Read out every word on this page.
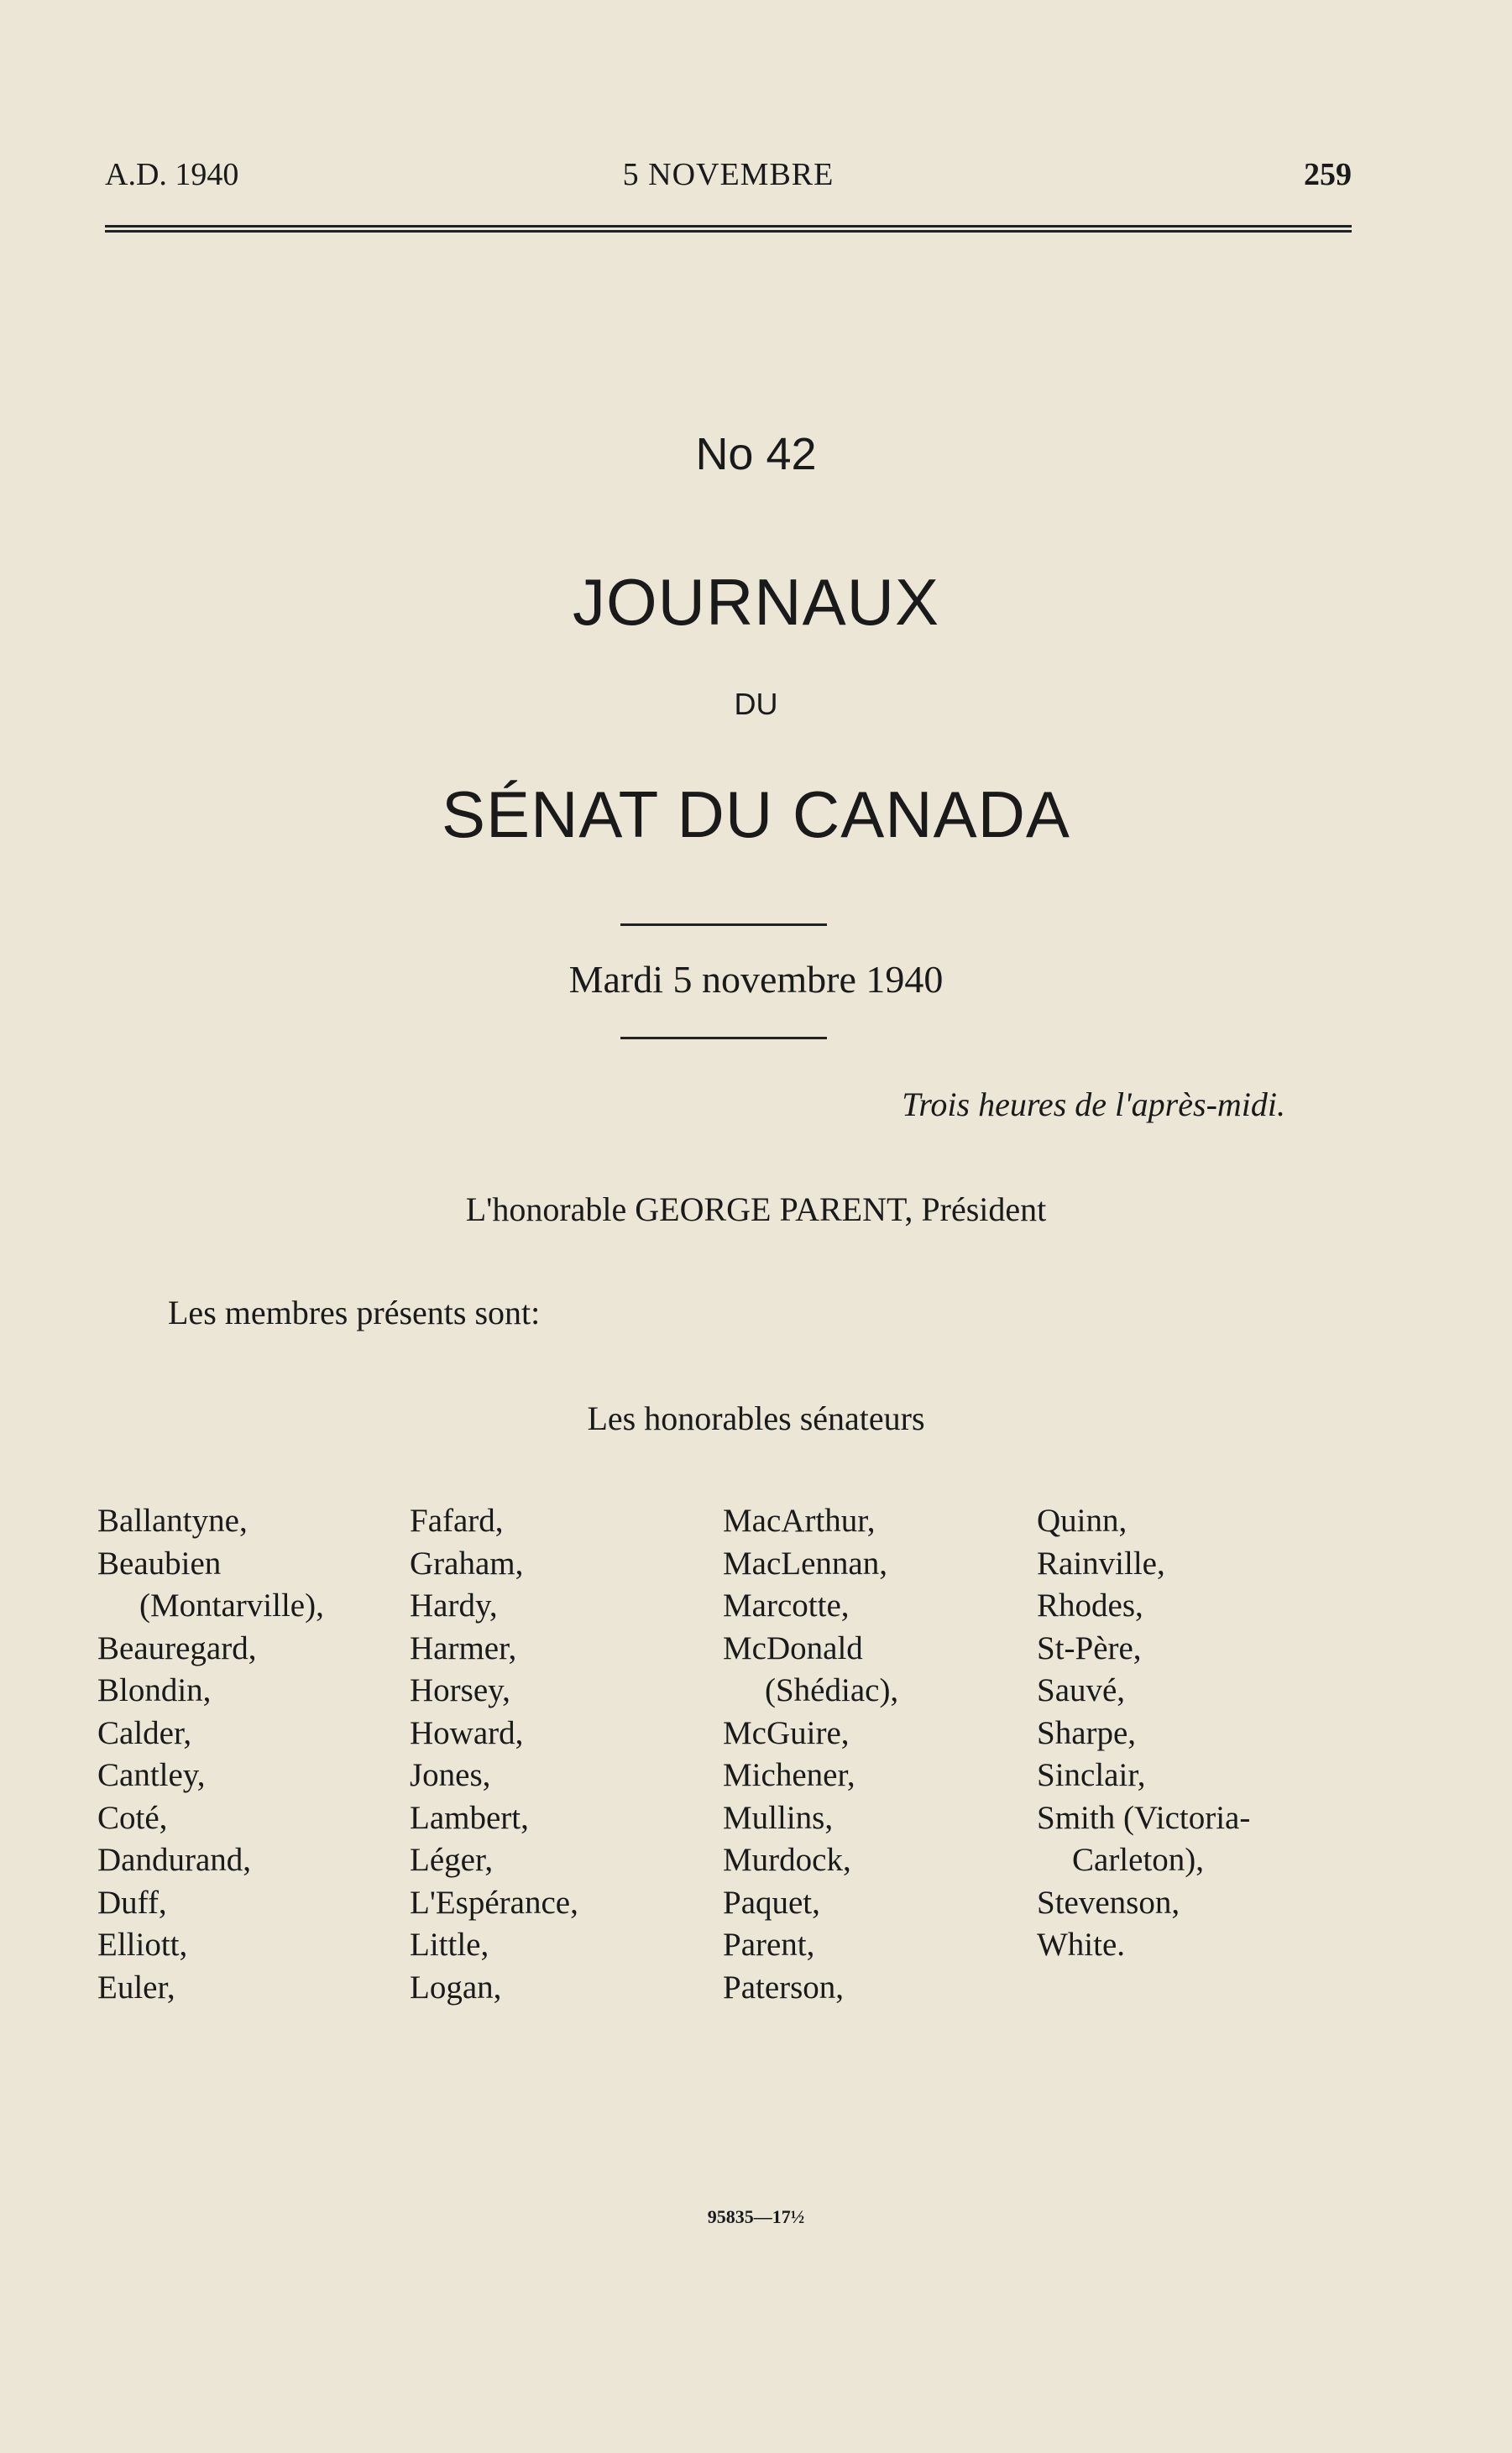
A.D. 1940	5 NOVEMBRE	259
No 42
JOURNAUX
DU
SÉNAT DU CANADA
Mardi 5 novembre 1940
Trois heures de l'après-midi.
L'honorable GEORGE PARENT, Président
Les membres présents sont:
Les honorables sénateurs
Ballantyne,
Beaubien
(Montarville),
Beauregard,
Blondin,
Calder,
Cantley,
Coté,
Dandurand,
Duff,
Elliott,
Euler,
Fafard,
Graham,
Hardy,
Harmer,
Horsey,
Howard,
Jones,
Lambert,
Léger,
L'Espérance,
Little,
Logan,
MacArthur,
MacLennan,
Marcotte,
McDonald
(Shédiac),
McGuire,
Michener,
Mullins,
Murdock,
Paquet,
Parent,
Paterson,
Quinn,
Rainville,
Rhodes,
St-Père,
Sauvé,
Sharpe,
Sinclair,
Smith (Victoria-
Carleton),
Stevenson,
White.
95835—17½
